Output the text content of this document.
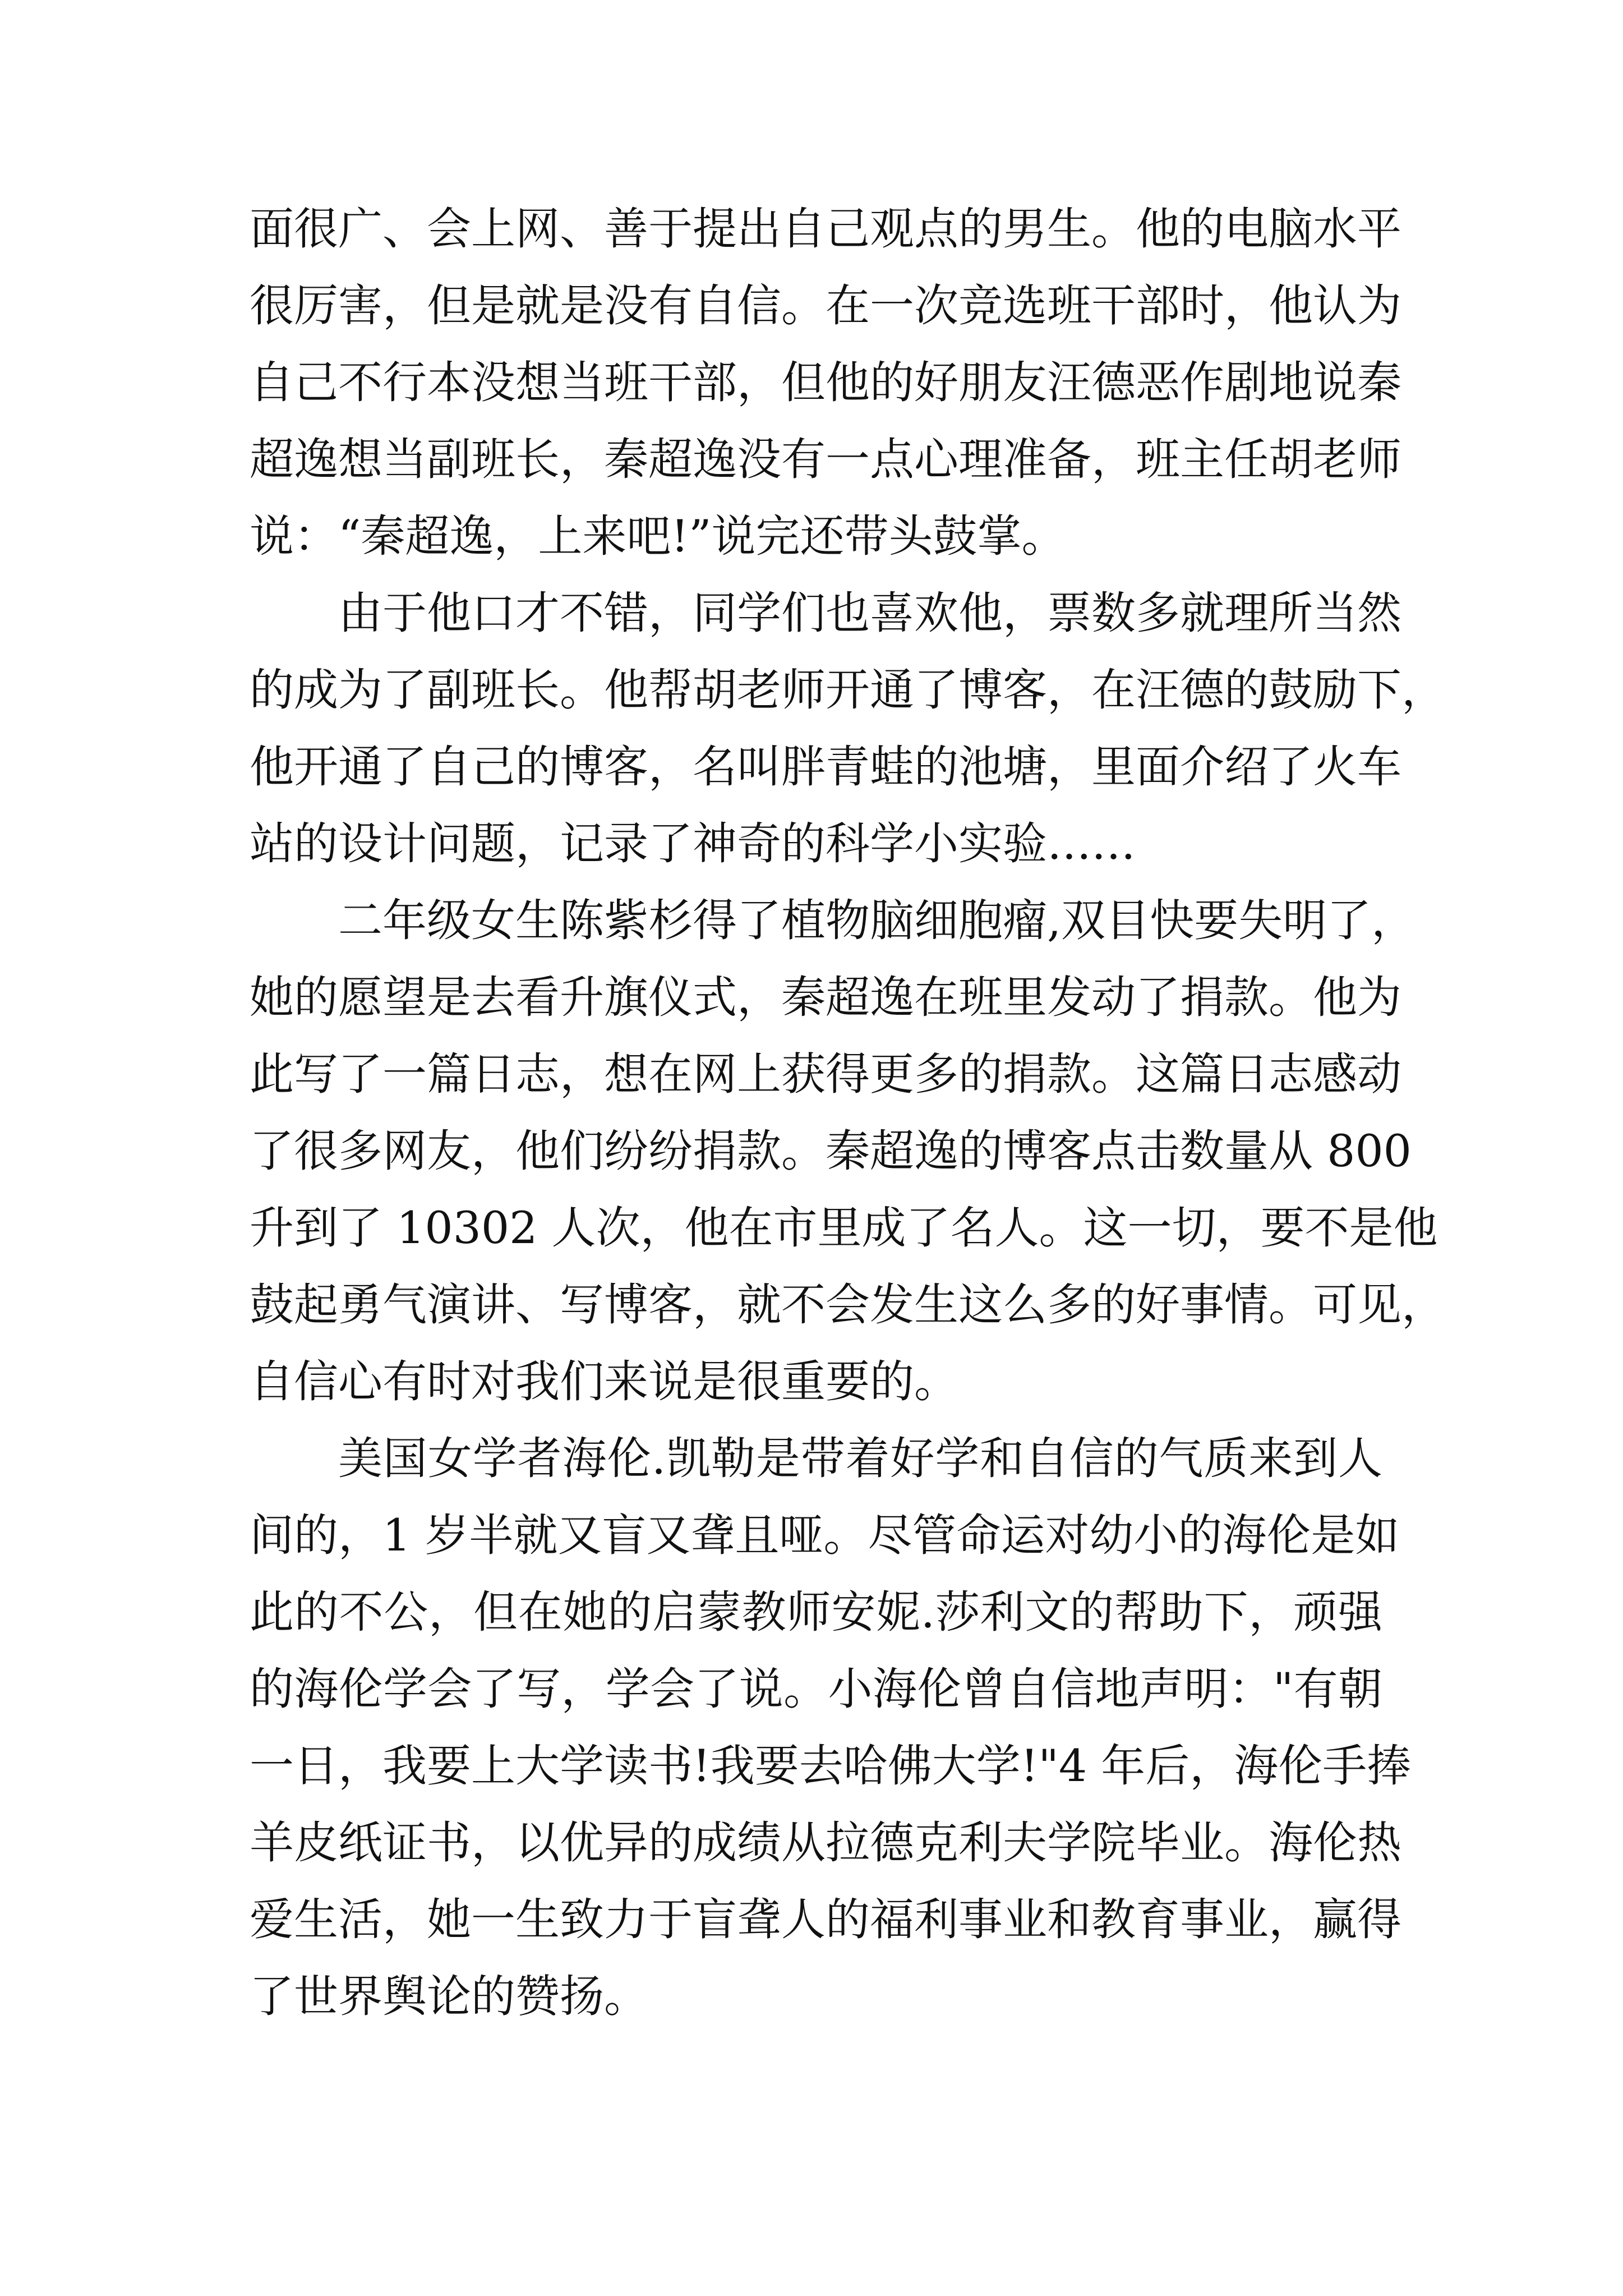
面很广、会上网、善于提出自己观点的男生。他的电脑水平
很厉害，但是就是没有自信。在一次竞选班干部时，他认为
自己不行本没想当班干部，但他的好朋友汪德恶作剧地说秦
超逸想当副班长，秦超逸没有一点心理准备，班主任胡老师
说：“秦超逸，上来吧!”说完还带头鼓掌。
由于他口才不错，同学们也喜欢他，票数多就理所当然
的成为了副班长。他帮胡老师开通了博客，在汪德的鼓励下，
他开通了自己的博客，名叫胖青蛙的池塘，里面介绍了火车
站的设计问题，记录了神奇的科学小实验……
二年级女生陈紫杉得了植物脑细胞瘤,双目快要失明了，
她的愿望是去看升旗仪式，秦超逸在班里发动了捐款。他为
此写了一篇日志，想在网上获得更多的捐款。这篇日志感动
了很多网友，他们纷纷捐款。秦超逸的博客点击数量从 800
升到了 10302 人次，他在市里成了名人。这一切，要不是他
鼓起勇气演讲、写博客，就不会发生这么多的好事情。可见，
自信心有时对我们来说是很重要的。
美国女学者海伦.凯勒是带着好学和自信的气质来到人
间的，1 岁半就又盲又聋且哑。尽管命运对幼小的海伦是如
此的不公，但在她的启蒙教师安妮.莎利文的帮助下，顽强
的海伦学会了写，学会了说。小海伦曾自信地声明："有朝
一日，我要上大学读书!我要去哈佛大学!"4 年后，海伦手捧
羊皮纸证书，以优异的成绩从拉德克利夫学院毕业。海伦热
爱生活，她一生致力于盲聋人的福利事业和教育事业，赢得
了世界舆论的赞扬。
